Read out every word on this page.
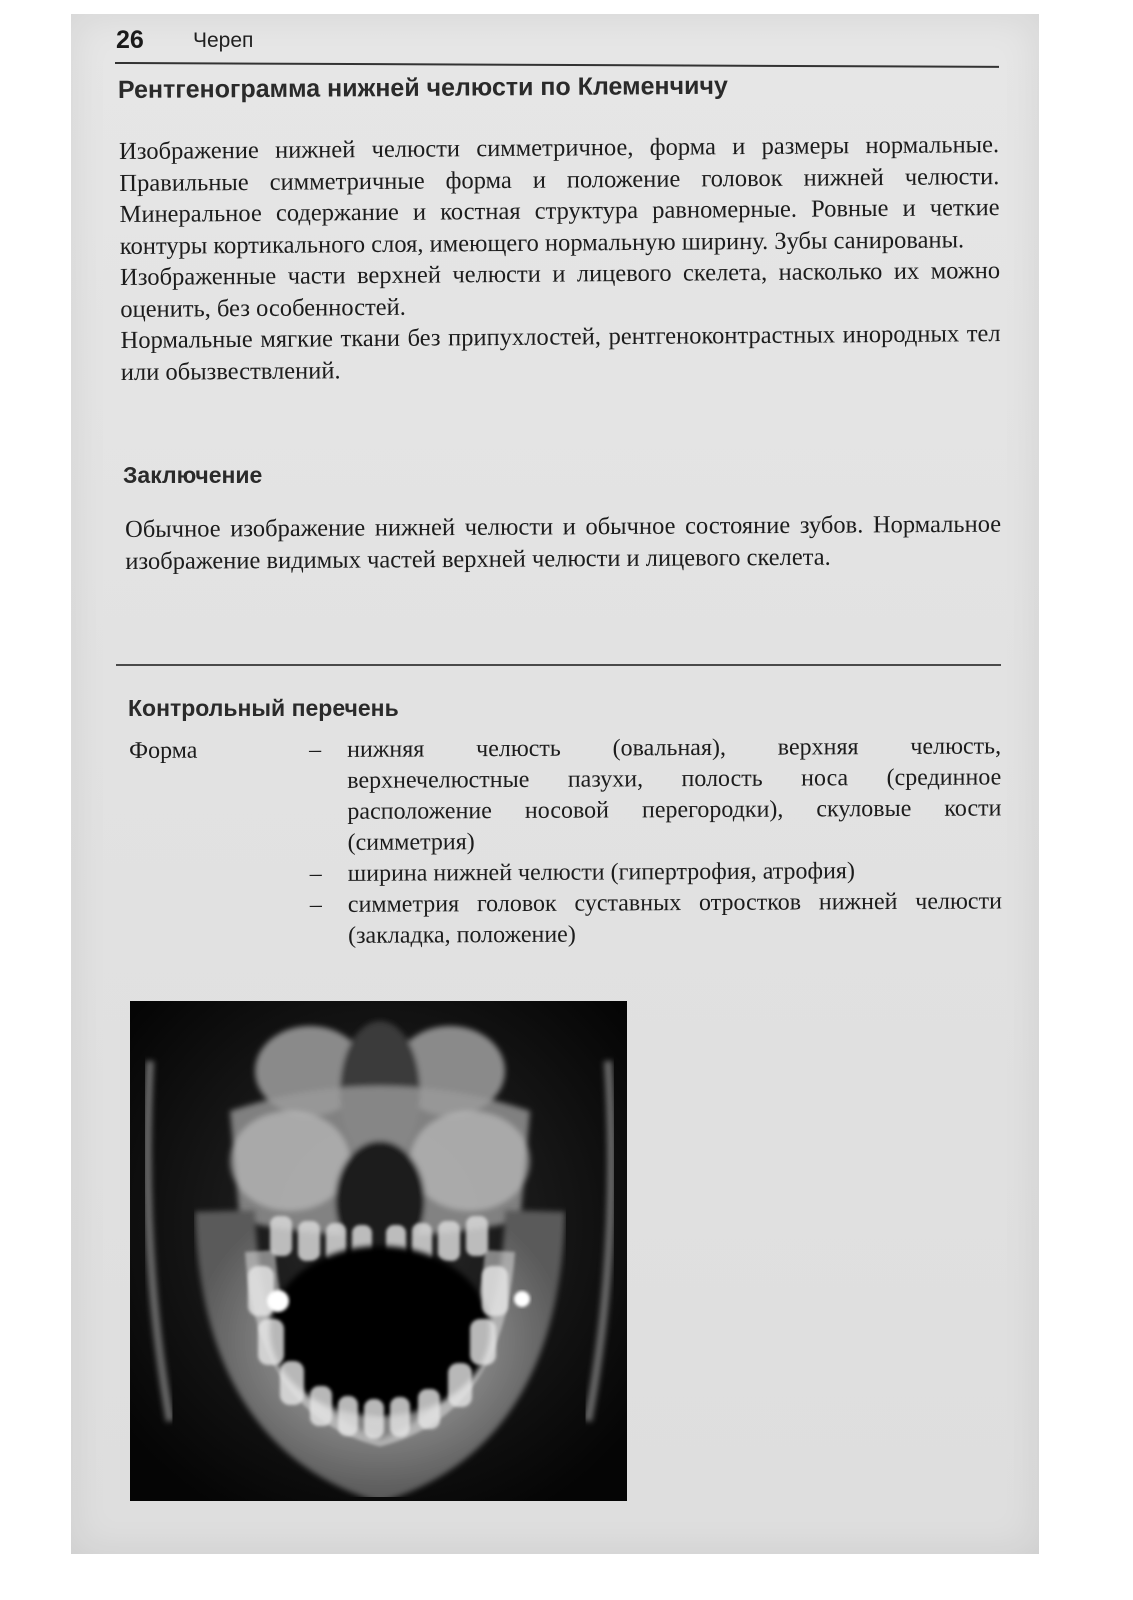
26 Череп
Рентгенограмма нижней челюсти по Клеменчичу

Изображение нижней челюсти симметричное, форма и размеры нормальные. Правильные симметричные форма и положение головок нижней челюсти. Минеральное содержание и костная структура равномерные. Ровные и четкие контуры кортикального слоя, имеющего нормальную ширину. Зубы санированы.

Изображенные части верхней челюсти и лицевого скелета, насколько их можно оценить, без особенностей.

Нормальные мягкие ткани без припухлостей, рентгеноконтрастных инородных тел или обызвествлений.

Заключение

Обычное изображение нижней челюсти и обычное состояние зубов. Нормальное изображение видимых частей верхней челюсти и лицевого скелета.

Контрольный перечень
Форма	– нижняя челюсть (овальная), верхняя челюсть, верхнечелюстные пазухи, полость носа (срединное расположение носовой перегородки), скуловые кости (симметрия)
– ширина нижней челюсти (гипертрофия, атрофия)
– симметрия головок суставных отростков нижней челюсти (закладка, положение)
